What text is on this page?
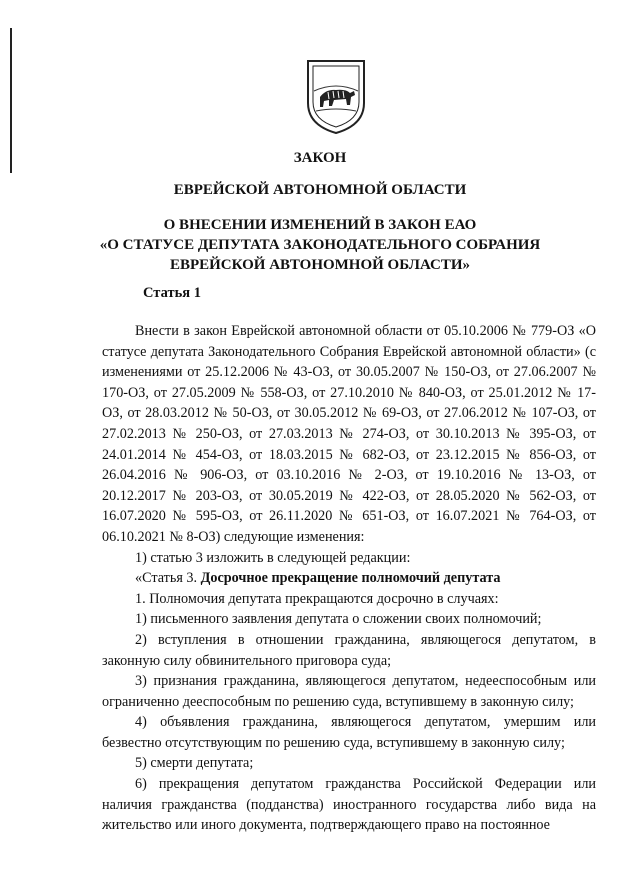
ЗАКОН
ЕВРЕЙСКОЙ АВТОНОМНОЙ ОБЛАСТИ
О ВНЕСЕНИИ ИЗМЕНЕНИЙ В ЗАКОН ЕАО
«О СТАТУСЕ ДЕПУТАТА ЗАКОНОДАТЕЛЬНОГО СОБРАНИЯ
ЕВРЕЙСКОЙ АВТОНОМНОЙ ОБЛАСТИ»
Статья 1

Внести в закон Еврейской автономной области от 05.10.2006 № 779-ОЗ «О статусе депутата Законодательного Собрания Еврейской автономной области» (с изменениями от 25.12.2006 № 43-ОЗ, от 30.05.2007 № 150-ОЗ, от 27.06.2007 № 170-ОЗ, от 27.05.2009 № 558-ОЗ, от 27.10.2010 № 840-ОЗ, от 25.01.2012 № 17-ОЗ, от 28.03.2012 № 50-ОЗ, от 30.05.2012 № 69-ОЗ, от 27.06.2012 № 107-ОЗ, от 27.02.2013 № 250-ОЗ, от 27.03.2013 № 274-ОЗ, от 30.10.2013 № 395-ОЗ, от 24.01.2014 № 454-ОЗ, от 18.03.2015 № 682-ОЗ, от 23.12.2015 № 856-ОЗ, от 26.04.2016 № 906-ОЗ, от 03.10.2016 № 2-ОЗ, от 19.10.2016 № 13-ОЗ, от 20.12.2017 № 203-ОЗ, от 30.05.2019 № 422-ОЗ, от 28.05.2020 № 562-ОЗ, от 16.07.2020 № 595-ОЗ, от 26.11.2020 № 651-ОЗ, от 16.07.2021 № 764-ОЗ, от 06.10.2021 № 8-ОЗ) следующие изменения:

1) статью 3 изложить в следующей редакции:

«Статья 3. Досрочное прекращение полномочий депутата

1. Полномочия депутата прекращаются досрочно в случаях:

1) письменного заявления депутата о сложении своих полномочий;

2) вступления в отношении гражданина, являющегося депутатом, в законную силу обвинительного приговора суда;

3) признания гражданина, являющегося депутатом, недееспособным или ограниченно дееспособным по решению суда, вступившему в законную силу;

4) объявления гражданина, являющегося депутатом, умершим или безвестно отсутствующим по решению суда, вступившему в законную силу;

5) смерти депутата;

6) прекращения депутатом гражданства Российской Федерации или наличия гражданства (подданства) иностранного государства либо вида на жительство или иного документа, подтверждающего право на постоянное
